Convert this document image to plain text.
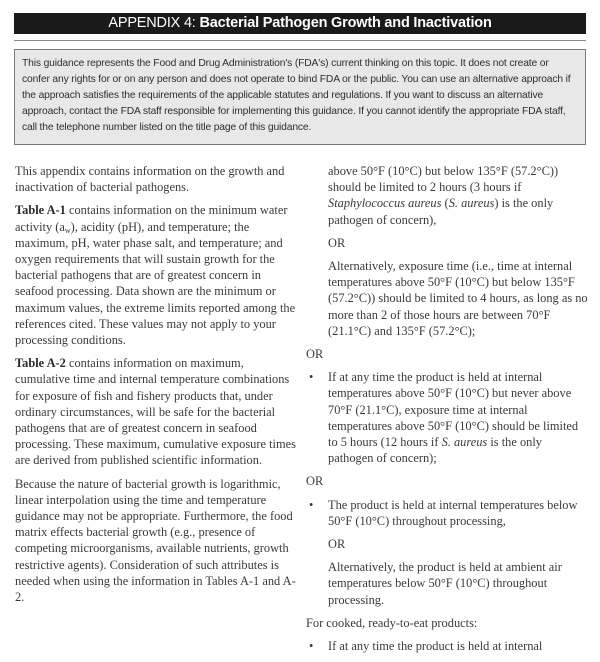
APPENDIX 4: Bacterial Pathogen Growth and Inactivation
This guidance represents the Food and Drug Administration's (FDA's) current thinking on this topic. It does not create or confer any rights for or on any person and does not operate to bind FDA or the public. You can use an alternative approach if the approach satisfies the requirements of the applicable statutes and regulations. If you want to discuss an alternative approach, contact the FDA staff responsible for implementing this guidance. If you cannot identify the appropriate FDA staff, call the telephone number listed on the title page of this guidance.

This appendix contains information on the growth and inactivation of bacterial pathogens.

Table A-1 contains information on the minimum water activity $(a_w)$, acidity (pH), and temperature; the maximum, pH, water phase salt, and temperature; and oxygen requirements that will sustain growth for the bacterial pathogens that are of greatest concern in seafood processing. Data shown are the minimum or maximum values, the extreme limits reported among the references cited. These values may not apply to your processing conditions.

Table A-2 contains information on maximum, cumulative time and internal temperature combinations for exposure of fish and fishery products that, under ordinary circumstances, will be safe for the bacterial pathogens that are of greatest concern in seafood processing. These maximum, cumulative exposure times are derived from published scientific information.

Because the nature of bacterial growth is logarithmic, linear interpolation using the time and temperature guidance may not be appropriate. Furthermore, the food matrix effects bacterial growth (e.g., presence of competing microorganisms, available nutrients, growth restrictive agents). Consideration of such attributes is needed when using the information in Tables A-1 and A-2.

above 50°F (10°C) but below 135°F (57.2°C)) should be limited to 2 hours (3 hours if Staphylococcus aureus (S. aureus) is the only pathogen of concern),

OR

Alternatively, exposure time (i.e., time at internal temperatures above 50°F (10°C) but below 135°F (57.2°C)) should be limited to 4 hours, as long as no more than 2 of those hours are between 70°F (21.1°C) and 135°F (57.2°C);

OR

• If at any time the product is held at internal temperatures above 50°F (10°C) but never above 70°F (21.1°C), exposure time at internal temperatures above 50°F (10°C) should be limited to 5 hours (12 hours if S. aureus is the only pathogen of concern);

OR

• The product is held at internal temperatures below 50°F (10°C) throughout processing,

OR

Alternatively, the product is held at ambient air temperatures below 50°F (10°C) throughout processing.

For cooked, ready-to-eat products:

• If at any time the product is held at internal
